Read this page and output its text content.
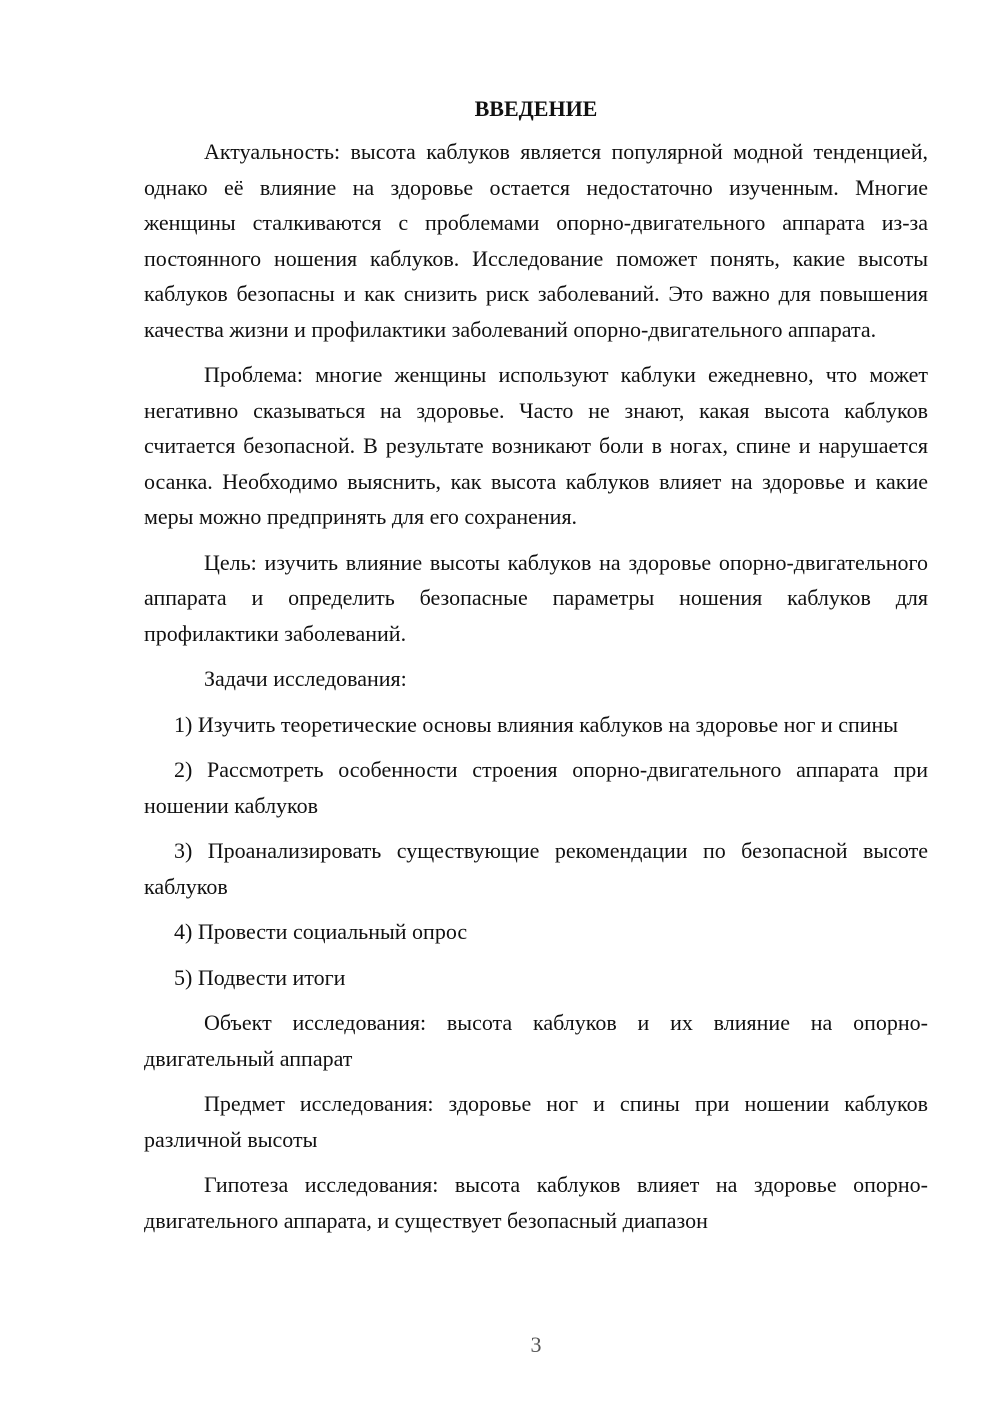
ВВЕДЕНИЕ

Актуальность: высота каблуков является популярной модной тенденцией, однако её влияние на здоровье остается недостаточно изученным. Многие женщины сталкиваются с проблемами опорно-двигательного аппарата из-за постоянного ношения каблуков. Исследование поможет понять, какие высоты каблуков безопасны и как снизить риск заболеваний. Это важно для повышения качества жизни и профилактики заболеваний опорно-двигательного аппарата.

Проблема: многие женщины используют каблуки ежедневно, что может негативно сказываться на здоровье. Часто не знают, какая высота каблуков считается безопасной. В результате возникают боли в ногах, спине и нарушается осанка. Необходимо выяснить, как высота каблуков влияет на здоровье и какие меры можно предпринять для его сохранения.

Цель: изучить влияние высоты каблуков на здоровье опорно-двигательного аппарата и определить безопасные параметры ношения каблуков для профилактики заболеваний.

Задачи исследования:

1) Изучить теоретические основы влияния каблуков на здоровье ног и спины

2) Рассмотреть особенности строения опорно-двигательного аппарата при ношении каблуков

3) Проанализировать существующие рекомендации по безопасной высоте каблуков

4) Провести социальный опрос

5) Подвести итоги

Объект исследования: высота каблуков и их влияние на опорно-двигательный аппарат

Предмет исследования: здоровье ног и спины при ношении каблуков различной высоты

Гипотеза исследования: высота каблуков влияет на здоровье опорно-двигательного аппарата, и существует безопасный диапазон

3
